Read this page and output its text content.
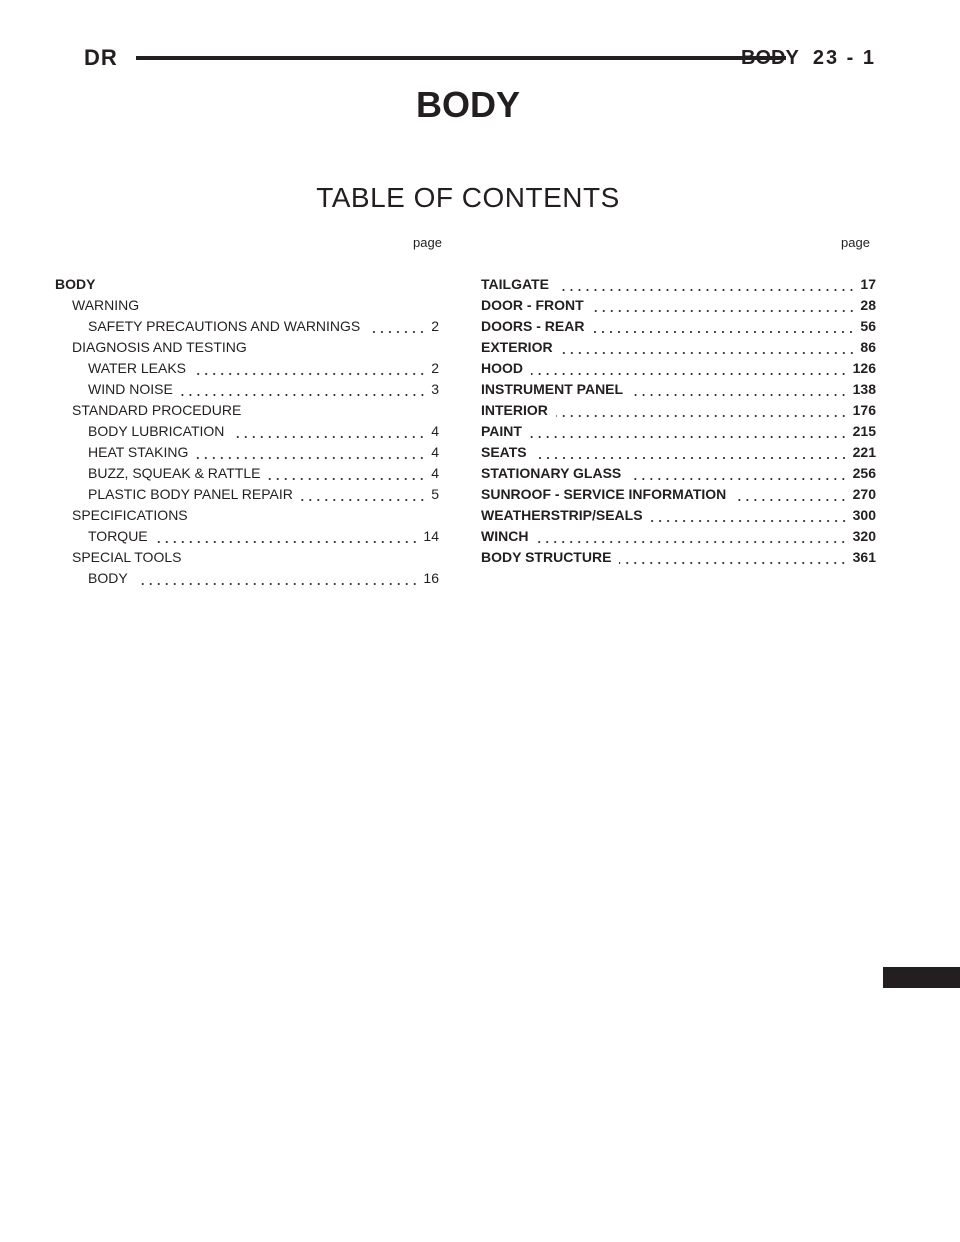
DR	BODY 23 - 1
BODY
TABLE OF CONTENTS
page	page
BODY
WARNING
SAFETY PRECAUTIONS AND WARNINGS	2
DIAGNOSIS AND TESTING
WATER LEAKS	2
WIND NOISE	3
STANDARD PROCEDURE
BODY LUBRICATION	4
HEAT STAKING	4
BUZZ, SQUEAK & RATTLE	4
PLASTIC BODY PANEL REPAIR	5
SPECIFICATIONS
TORQUE	14
SPECIAL TOOLS
BODY	16
TAILGATE	17
DOOR - FRONT	28
DOORS - REAR	56
EXTERIOR	86
HOOD	126
INSTRUMENT PANEL	138
INTERIOR	176
PAINT	215
SEATS	221
STATIONARY GLASS	256
SUNROOF - SERVICE INFORMATION	270
WEATHERSTRIP/SEALS	300
WINCH	320
BODY STRUCTURE	361
